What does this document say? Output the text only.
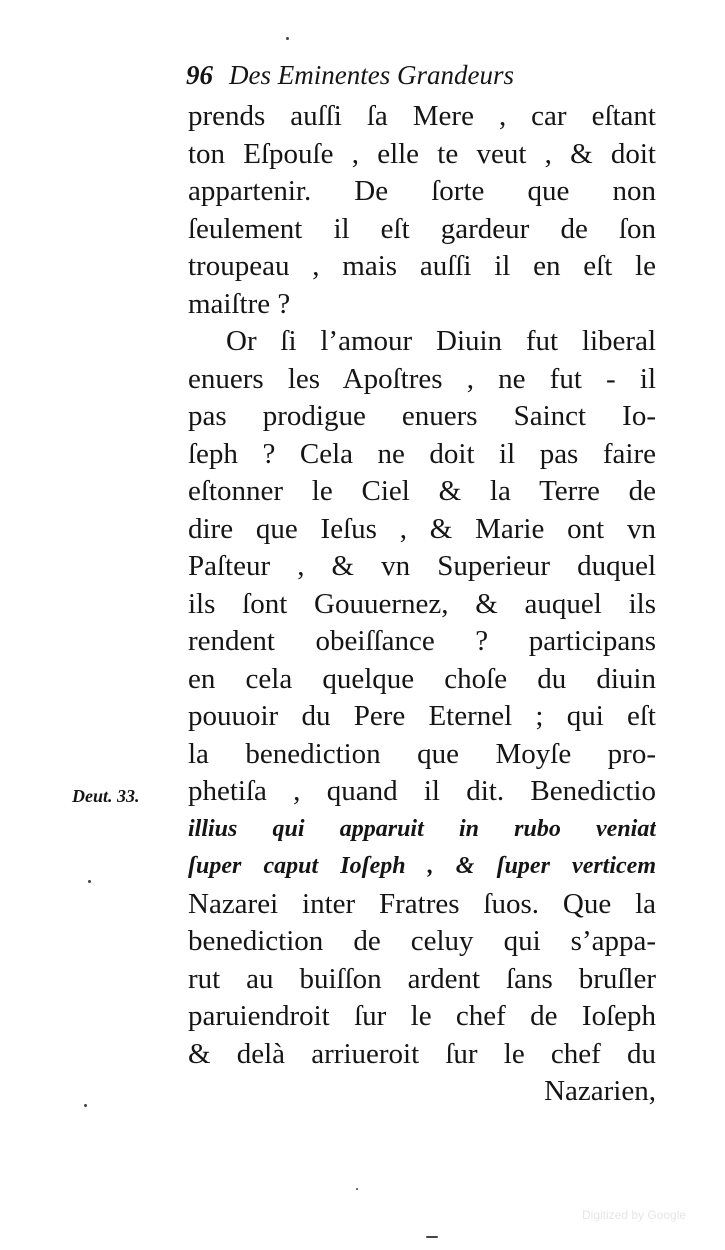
96 Des Eminentes Grandeurs
Deut. 33.
prends auſſi ſa Mere , car eſtant
ton Eſpouſe , elle te veut , & doit
appartenir. De ſorte que non
ſeulement il eſt gardeur de ſon
troupeau , mais auſſi il en eſt le
maiſtre ?
Or ſi l’amour Diuin fut liberal
enuers les Apoſtres , ne fut - il
pas prodigue enuers Sainct Io-
ſeph ? Cela ne doit il pas faire
eſtonner le Ciel & la Terre de
dire que Ieſus , & Marie ont vn
Paſteur , & vn Superieur duquel
ils ſont Gouuernez, & auquel ils
rendent obeiſſance ? participans
en cela quelque choſe du diuin
pouuoir du Pere Eternel ; qui eſt
la benediction que Moyſe pro-
phetiſa , quand il dit. Benedictio
illius qui apparuit in rubo veniat
ſuper caput Ioſeph , & ſuper verticem
Nazarei inter Fratres ſuos. Que la
benediction de celuy qui s’appa-
rut au buiſſon ardent ſans bruſler
paruiendroit ſur le chef de Ioſeph
& delà arriueroit ſur le chef du
Nazarien,
Digitized by Google
